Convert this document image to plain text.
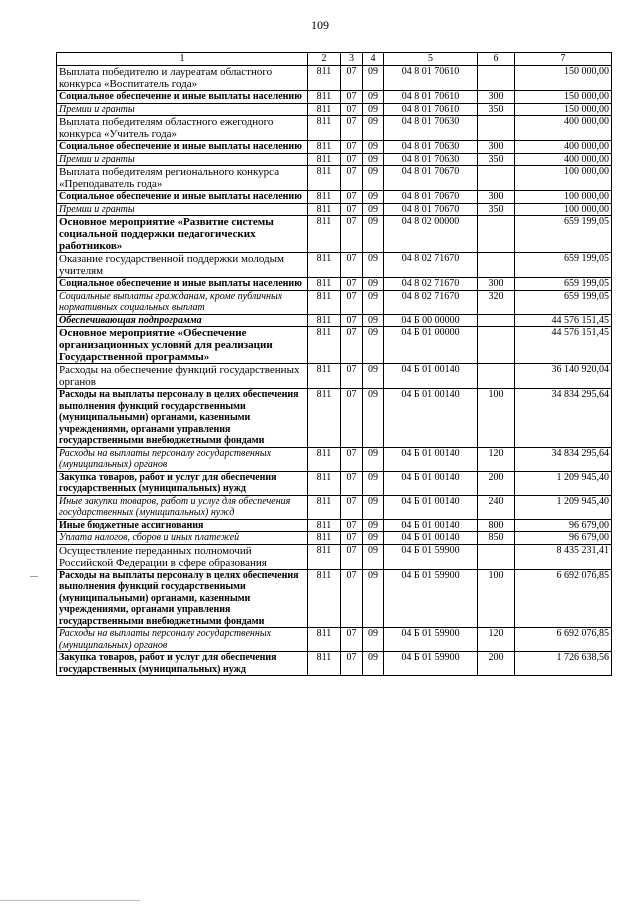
109
1	2	3	4	5	6	7
Выплата победителю и лауреатам областного конкурса «Воспитатель года»	811	07	09	04 8 01 70610		150 000,00
Социальное обеспечение и иные выплаты населению	811	07	09	04 8 01 70610	300	150 000,00
Премии и гранты	811	07	09	04 8 01 70610	350	150 000,00
Выплата победителям областного ежегодного конкурса «Учитель года»	811	07	09	04 8 01 70630		400 000,00
Социальное обеспечение и иные выплаты населению	811	07	09	04 8 01 70630	300	400 000,00
Премии и гранты	811	07	09	04 8 01 70630	350	400 000,00
Выплата победителям регионального конкурса «Преподаватель года»	811	07	09	04 8 01 70670		100 000,00
Социальное обеспечение и иные выплаты населению	811	07	09	04 8 01 70670	300	100 000,00
Премии и гранты	811	07	09	04 8 01 70670	350	100 000,00
Основное мероприятие «Развитие системы социальной поддержки педагогических работников»	811	07	09	04 8 02 00000		659 199,05
Оказание государственной поддержки молодым учителям	811	07	09	04 8 02 71670		659 199,05
Социальное обеспечение и иные выплаты населению	811	07	09	04 8 02 71670	300	659 199,05
Социальные выплаты гражданам, кроме публичных нормативных социальных выплат	811	07	09	04 8 02 71670	320	659 199,05
Обеспечивающая подпрограмма	811	07	09	04 Б 00 00000		44 576 151,45
Основное мероприятие «Обеспечение организационных условий для реализации Государственной программы»	811	07	09	04 Б 01 00000		44 576 151,45
Расходы на обеспечение функций государственных органов	811	07	09	04 Б 01 00140		36 140 920,04
Расходы на выплаты персоналу в целях обеспечения выполнения функций государственными (муниципальными) органами, казенными учреждениями, органами управления государственными внебюджетными фондами	811	07	09	04 Б 01 00140	100	34 834 295,64
Расходы на выплаты персоналу государственных (муниципальных) органов	811	07	09	04 Б 01 00140	120	34 834 295,64
Закупка товаров, работ и услуг для обеспечения государственных (муниципальных) нужд	811	07	09	04 Б 01 00140	200	1 209 945,40
Иные закупки товаров, работ и услуг для обеспечения государственных (муниципальных) нужд	811	07	09	04 Б 01 00140	240	1 209 945,40
Иные бюджетные ассигнования	811	07	09	04 Б 01 00140	800	96 679,00
Уплата налогов, сборов и иных платежей	811	07	09	04 Б 01 00140	850	96 679,00
Осуществление переданных полномочий Российской Федерации в сфере образования	811	07	09	04 Б 01 59900		8 435 231,41
Расходы на выплаты персоналу в целях обеспечения выполнения функций государственными (муниципальными) органами, казенными учреждениями, органами управления государственными внебюджетными фондами	811	07	09	04 Б 01 59900	100	6 692 076,85
Расходы на выплаты персоналу государственных (муниципальных) органов	811	07	09	04 Б 01 59900	120	6 692 076,85
Закупка товаров, работ и услуг для обеспечения государственных (муниципальных) нужд	811	07	09	04 Б 01 59900	200	1 726 638,56
